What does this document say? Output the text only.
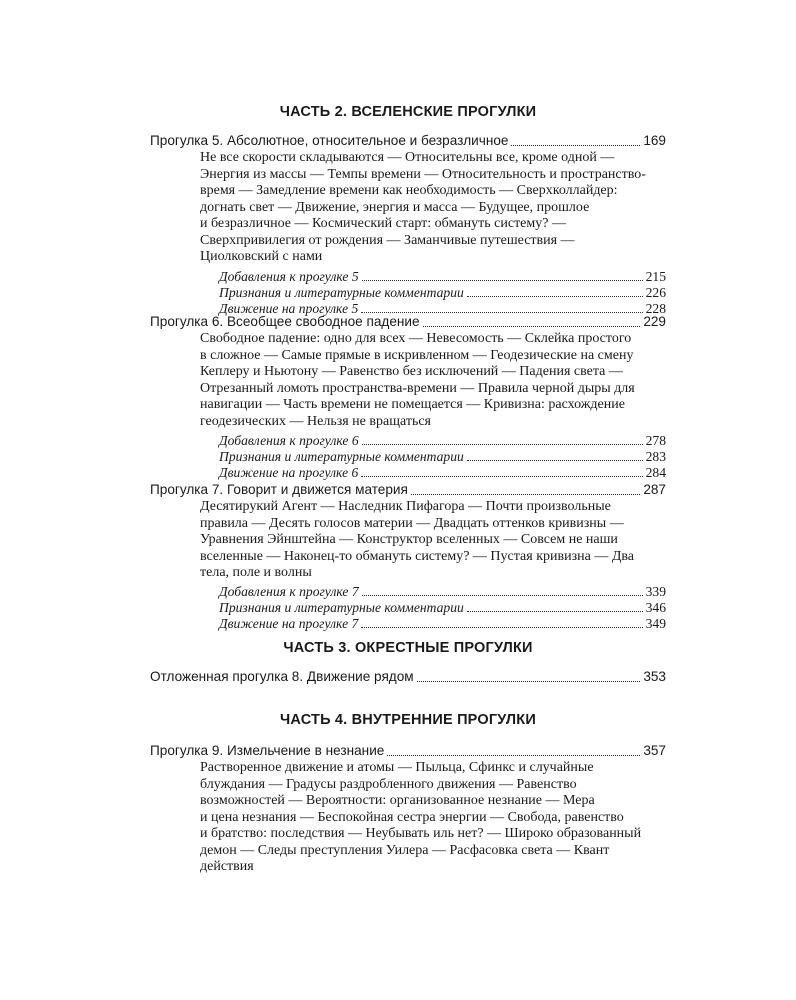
ЧАСТЬ 2. ВСЕЛЕНСКИЕ ПРОГУЛКИ
Прогулка 5. Абсолютное, относительное и безразличное	169

Не все скорости складываются — Относительны все, кроме одной —
Энергия из массы — Темпы времени — Относительность и пространство-
время — Замедление времени как необходимость — Сверхколлайдер:
догнать свет — Движение, энергия и масса — Будущее, прошлое
и безразличное — Космический старт: обмануть систему? —
Сверхпривилегия от рождения — Заманчивые путешествия —
Циолковский с нами

Добавления к прогулке 5	215
Признания и литературные комментарии	226
Движение на прогулке 5	228
Прогулка 6. Всеобщее свободное падение	229

Свободное падение: одно для всех — Невесомость — Склейка простого
в сложное — Самые прямые в искривленном — Геодезические на смену
Кеплеру и Ньютону — Равенство без исключений — Падения света —
Отрезанный ломоть пространства-времени — Правила черной дыры для
навигации — Часть времени не помещается — Кривизна: расхождение
геодезических — Нельзя не вращаться

Добавления к прогулке 6	278
Признания и литературные комментарии	283
Движение на прогулке 6	284
Прогулка 7. Говорит и движется материя	287

Десятирукий Агент — Наследник Пифагора — Почти произвольные
правила — Десять голосов материи — Двадцать оттенков кривизны —
Уравнения Эйнштейна — Конструктор вселенных — Совсем не наши
вселенные — Наконец-то обмануть систему? — Пустая кривизна — Два
тела, поле и волны

Добавления к прогулке 7	339
Признания и литературные комментарии	346
Движение на прогулке 7	349
ЧАСТЬ 3. ОКРЕСТНЫЕ ПРОГУЛКИ
Отложенная прогулка 8. Движение рядом	353
ЧАСТЬ 4. ВНУТРЕННИЕ ПРОГУЛКИ
Прогулка 9. Измельчение в незнание	357

Растворенное движение и атомы — Пыльца, Сфинкс и случайные
блуждания — Градусы раздробленного движения — Равенство
возможностей — Вероятности: организованное незнание — Мера
и цена незнания — Беспокойная сестра энергии — Свобода, равенство
и братство: последствия — Неубывать иль нет? — Широко образованный
демон — Следы преступления Уилера — Расфасовка света — Квант
действия
